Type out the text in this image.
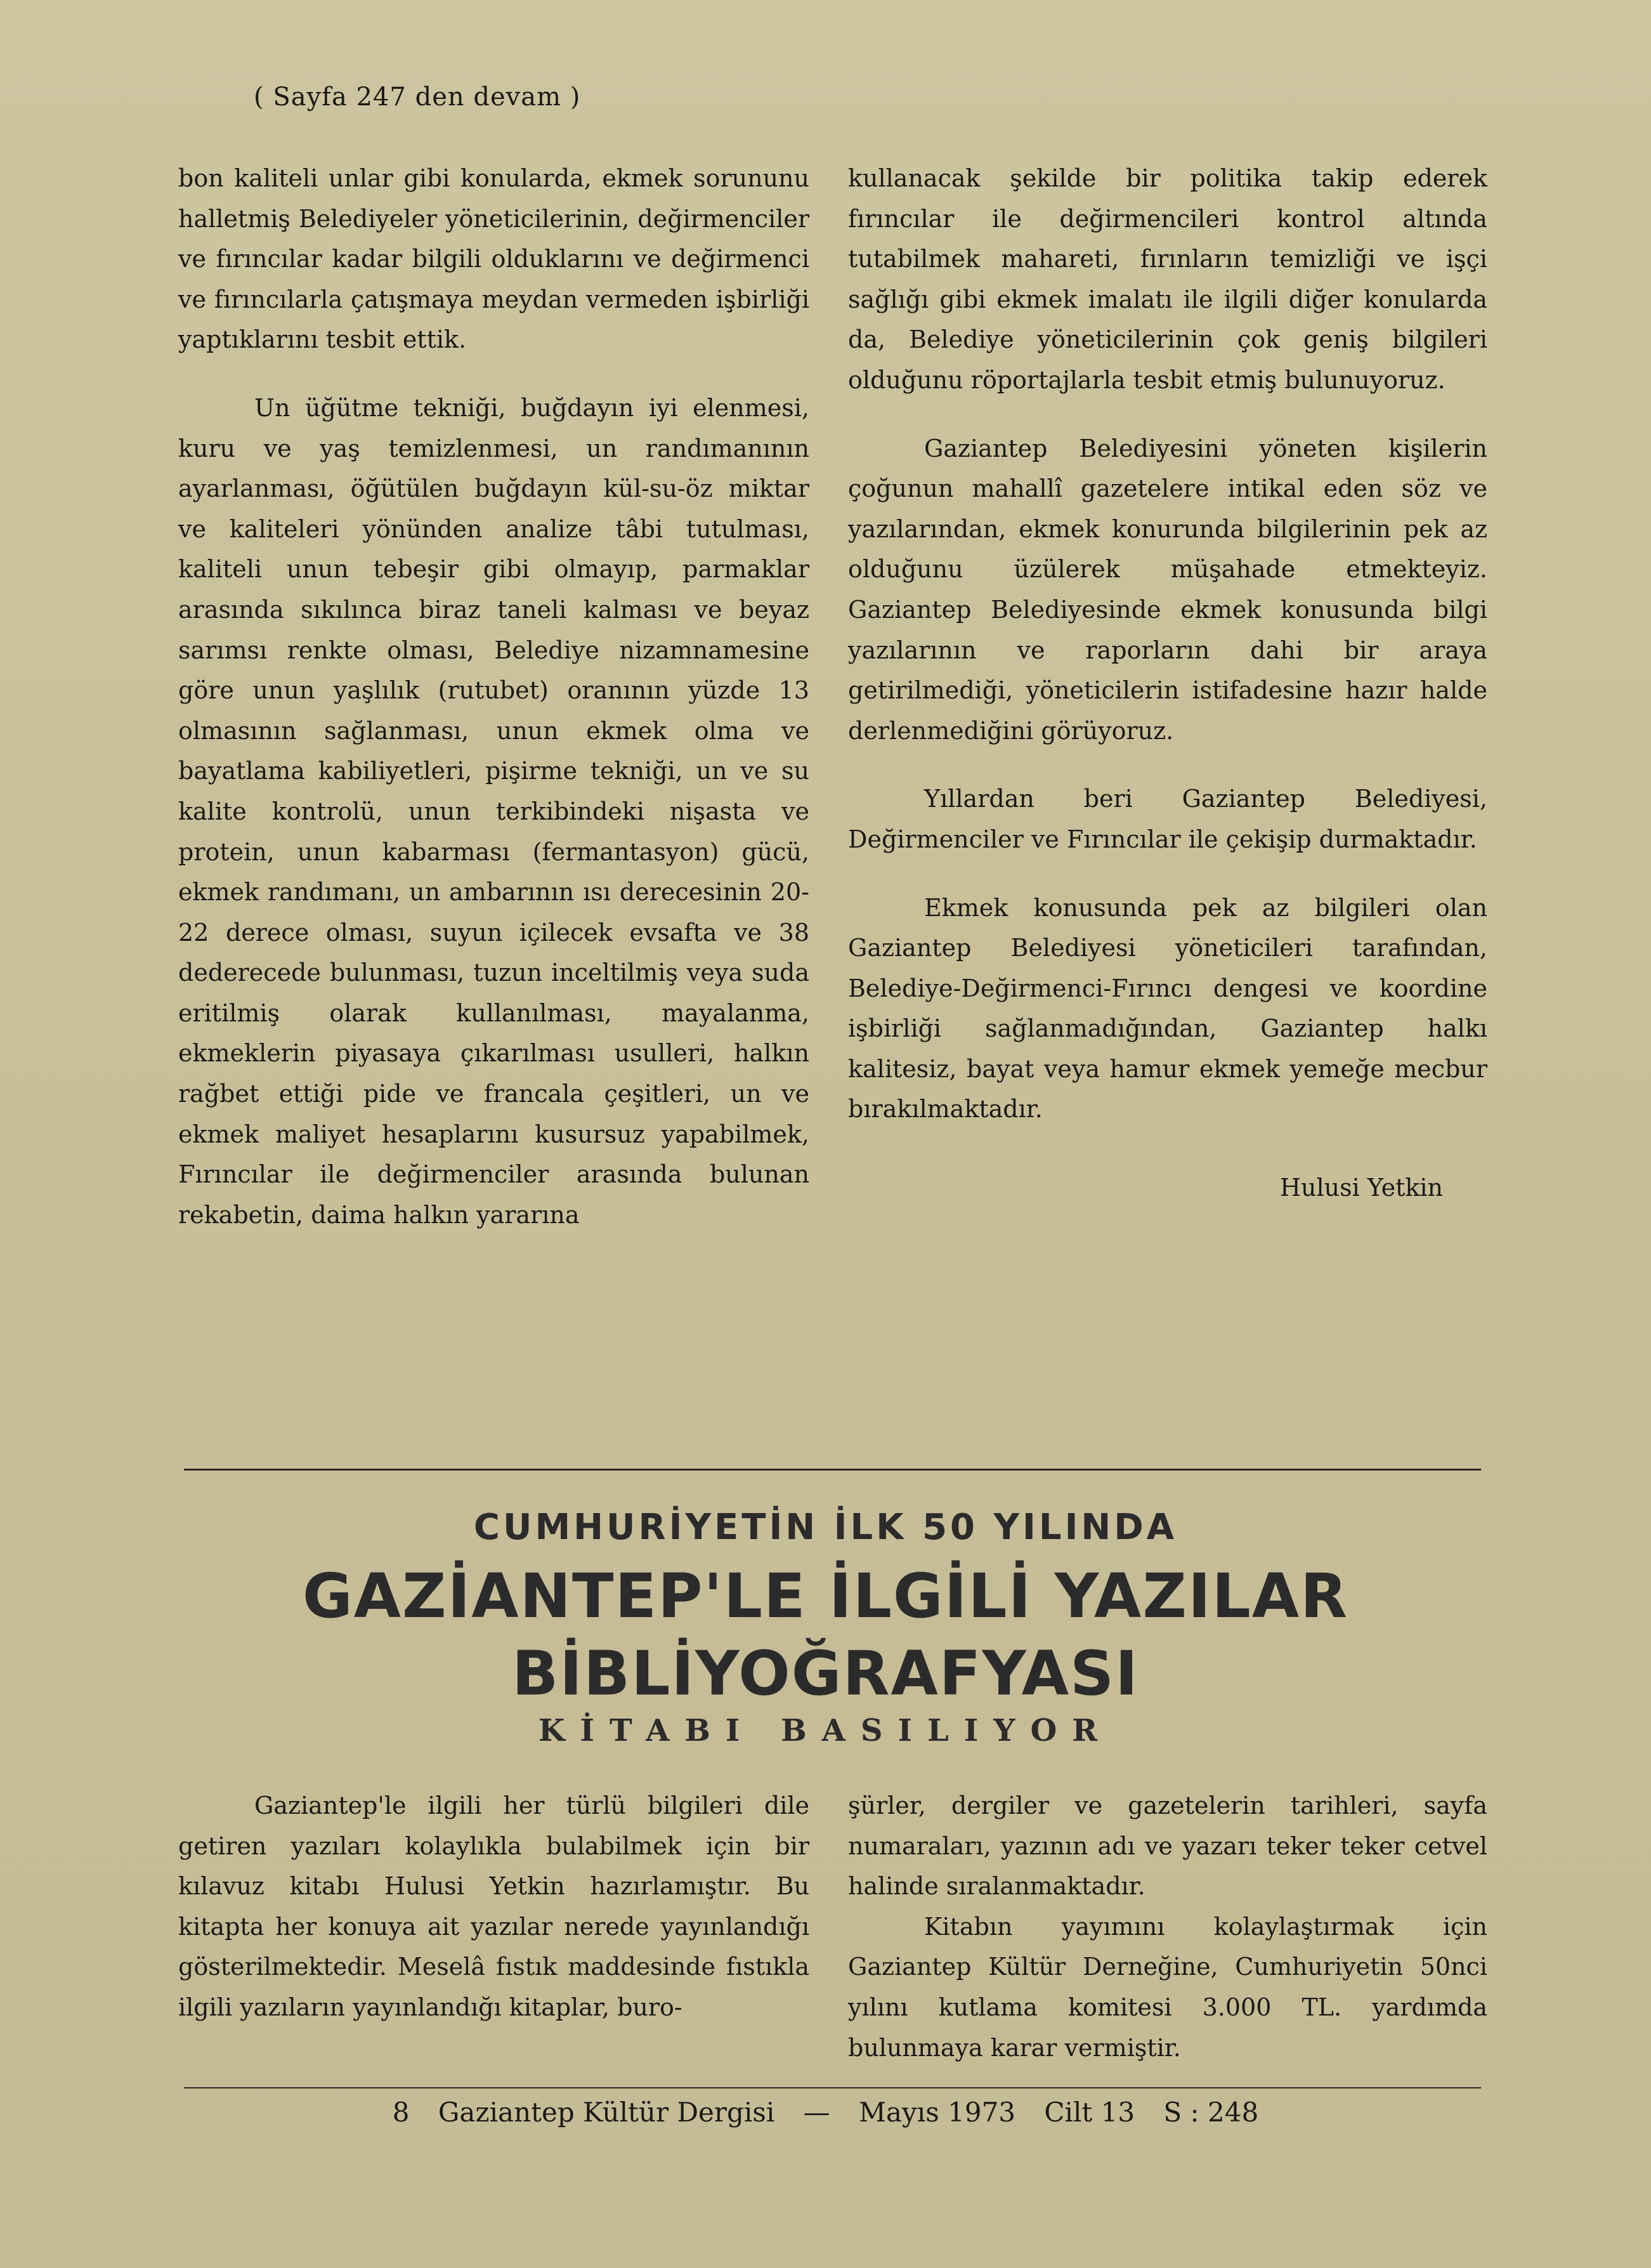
( Sayfa 247 den devam )

bon kaliteli unlar gibi konularda, ekmek sorununu halletmiş Belediyeler yöneticilerinin, değirmenciler ve fırıncılar kadar bilgili olduklarını ve değirmenci ve fırıncılarla çatışmaya meydan vermeden işbirliği yaptıklarını tesbit ettik.

Un üğütme tekniği, buğdayın iyi elenmesi, kuru ve yaş temizlenmesi, un randımanının ayarlanması, öğütülen buğdayın kül-su-öz miktar ve kaliteleri yönünden analize tâbi tutulması, kaliteli unun tebeşir gibi olmayıp, parmaklar arasında sıkılınca biraz taneli kalması ve beyaz sarımsı renkte olması, Belediye nizamnamesine göre unun yaşlılık (rutubet) oranının yüzde 13 olmasının sağlanması, unun ekmek olma ve bayatlama kabiliyetleri, pişirme tekniği, un ve su kalite kontrolü, unun terkibindeki nişasta ve protein, unun kabarması (fermantasyon) gücü, ekmek randımanı, un ambarının ısı derecesinin 20-22 derece olması, suyun içilecek evsafta ve 38 dederecede bulunması, tuzun inceltilmiş veya suda eritilmiş olarak kullanılması, mayalanma, ekmeklerin piyasaya çıkarılması usulleri, halkın rağbet ettiği pide ve francala çeşitleri, un ve ekmek maliyet hesaplarını kusursuz yapabilmek, Fırıncılar ile değirmenciler arasında bulunan rekabetin, daima halkın yararına

kullanacak şekilde bir politika takip ederek fırıncılar ile değirmencileri kontrol altında tutabilmek mahareti, fırınların temizliği ve işçi sağlığı gibi ekmek imalatı ile ilgili diğer konularda da, Belediye yöneticilerinin çok geniş bilgileri olduğunu röportajlarla tesbit etmiş bulunuyoruz.

Gaziantep Belediyesini yöneten kişilerin çoğunun mahallî gazetelere intikal eden söz ve yazılarından, ekmek konurunda bilgilerinin pek az olduğunu üzülerek müşahade etmekteyiz. Gaziantep Belediyesinde ekmek konusunda bilgi yazılarının ve raporların dahi bir araya getirilmediği, yöneticilerin istifadesine hazır halde derlenmediğini görüyoruz.

Yıllardan beri Gaziantep Belediyesi, Değirmenciler ve Fırıncılar ile çekişip durmaktadır.

Ekmek konusunda pek az bilgileri olan Gaziantep Belediyesi yöneticileri tarafından, Belediye-Değirmenci-Fırıncı dengesi ve koordine işbirliği sağlanmadığından, Gaziantep halkı kalitesiz, bayat veya hamur ekmek yemeğe mecbur bırakılmaktadır.

Hulusi Yetkin

CUMHURİYETİN İLK 50 YILINDA
GAZİANTEP'LE İLGİLİ YAZILAR
BİBLİYOĞRAFYASI
KİTABI BASILIYOR

Gaziantep'le ilgili her türlü bilgileri dile getiren yazıları kolaylıkla bulabilmek için bir kılavuz kitabı Hulusi Yetkin hazırlamıştır. Bu kitapta her konuya ait yazılar nerede yayınlandığı gösterilmektedir. Meselâ fıstık maddesinde fıstıkla ilgili yazıların yayınlandığı kitaplar, buro-

şürler, dergiler ve gazetelerin tarihleri, sayfa numaraları, yazının adı ve yazarı teker teker cetvel halinde sıralanmaktadır.

Kitabın yayımını kolaylaştırmak için Gaziantep Kültür Derneğine, Cumhuriyetin 50nci yılını kutlama komitesi 3.000 TL. yardımda bulunmaya karar vermiştir.

8 Gaziantep Kültür Dergisi — Mayıs 1973 Cilt 13 S : 248
